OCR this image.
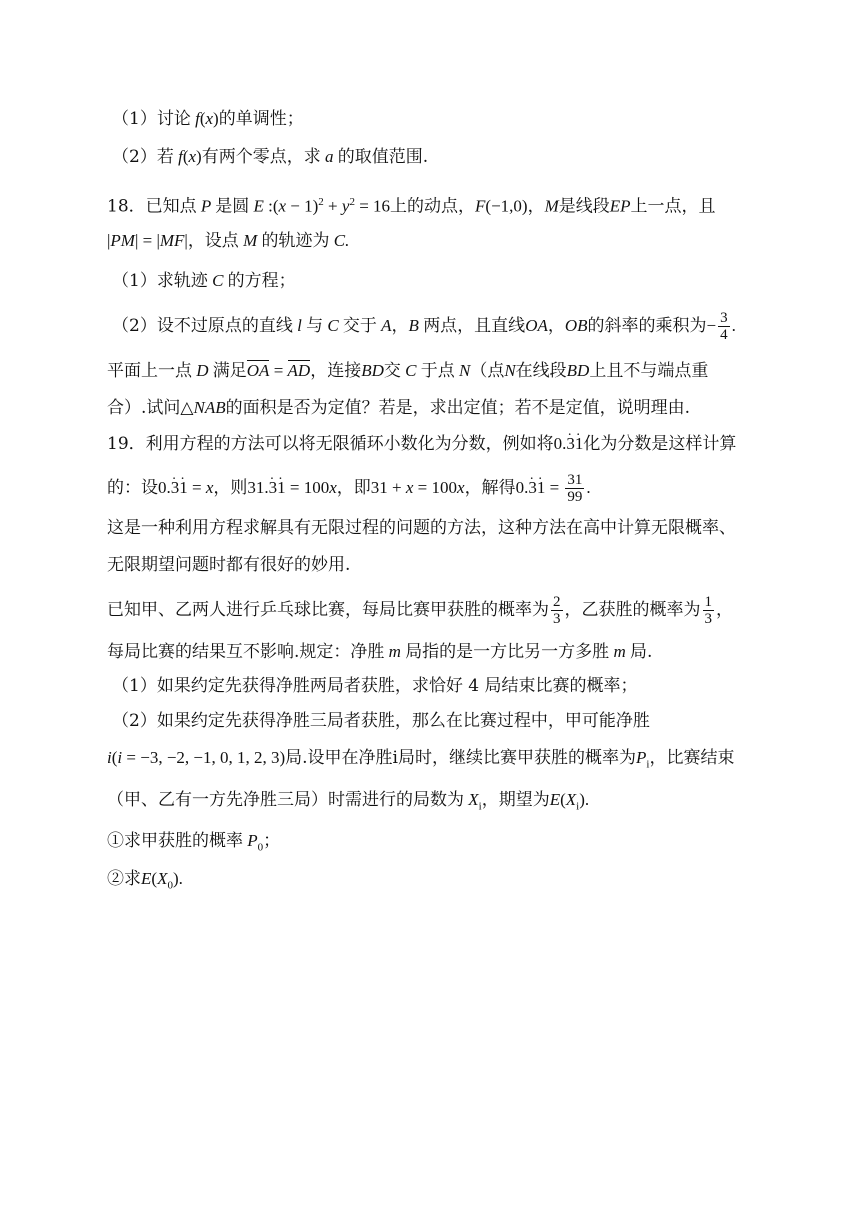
（1）讨论 f(x)的单调性；
（2）若 f(x)有两个零点，求 a 的取值范围.
18．已知点 P 是圆 E :(x − $1)^2 + y^2 = 16$上的动点，F(−1,0)，M是线段EP上一点，且
|PM| = |MF|，设点 M 的轨迹为 C.
（1）求轨迹 C 的方程；
（2）设不过原点的直线 l 与 C 交于 A，B 两点，且直线OA，OB的斜率的乘积为− $\frac{3}{4}$ .
平面上一点 D 满足OA = AD，连接BD交 C 于点 N（点N在线段BD上且不与端点重
合）.试问△NAB的面积是否为定值？若是，求出定值；若不是定值，说明理由.
19．利用方程的方法可以将无限循环小数化为分数，例如将0.· 3· 1化为分数是这样计算
的：设0.· 3· 1 = x，则31.· 3· 1 = 100x，即31 + x = 100x，解得$0.\cdot 3\cdot 1 = \frac{31}{99}$ .
这是一种利用方程求解具有无限过程的问题的方法，这种方法在高中计算无限概率、
无限期望问题时都有很好的妙用.
已知甲、乙两人进行乒乓球比赛，每局比赛甲获胜的概率为 $\frac{2}{3}$ ，乙获胜的概率为 $\frac{1}{3}$ ，
每局比赛的结果互不影响.规定：净胜 m 局指的是一方比另一方多胜 m 局.
（1）如果约定先获得净胜两局者获胜，求恰好 4 局结束比赛的概率；
（2）如果约定先获得净胜三局者获胜，那么在比赛过程中，甲可能净胜
i(i = −3, −2, −1, 0, 1, 2, 3)局.设甲在净胜i局时，继续比赛甲获胜的概率为$P_i$，比赛结束
（甲、乙有一方先净胜三局）时需进行的局数为 $X_i$，期望为$E(X_i)$.
①求甲获胜的概率 $P_0$；
②求$E(X_0)$.
